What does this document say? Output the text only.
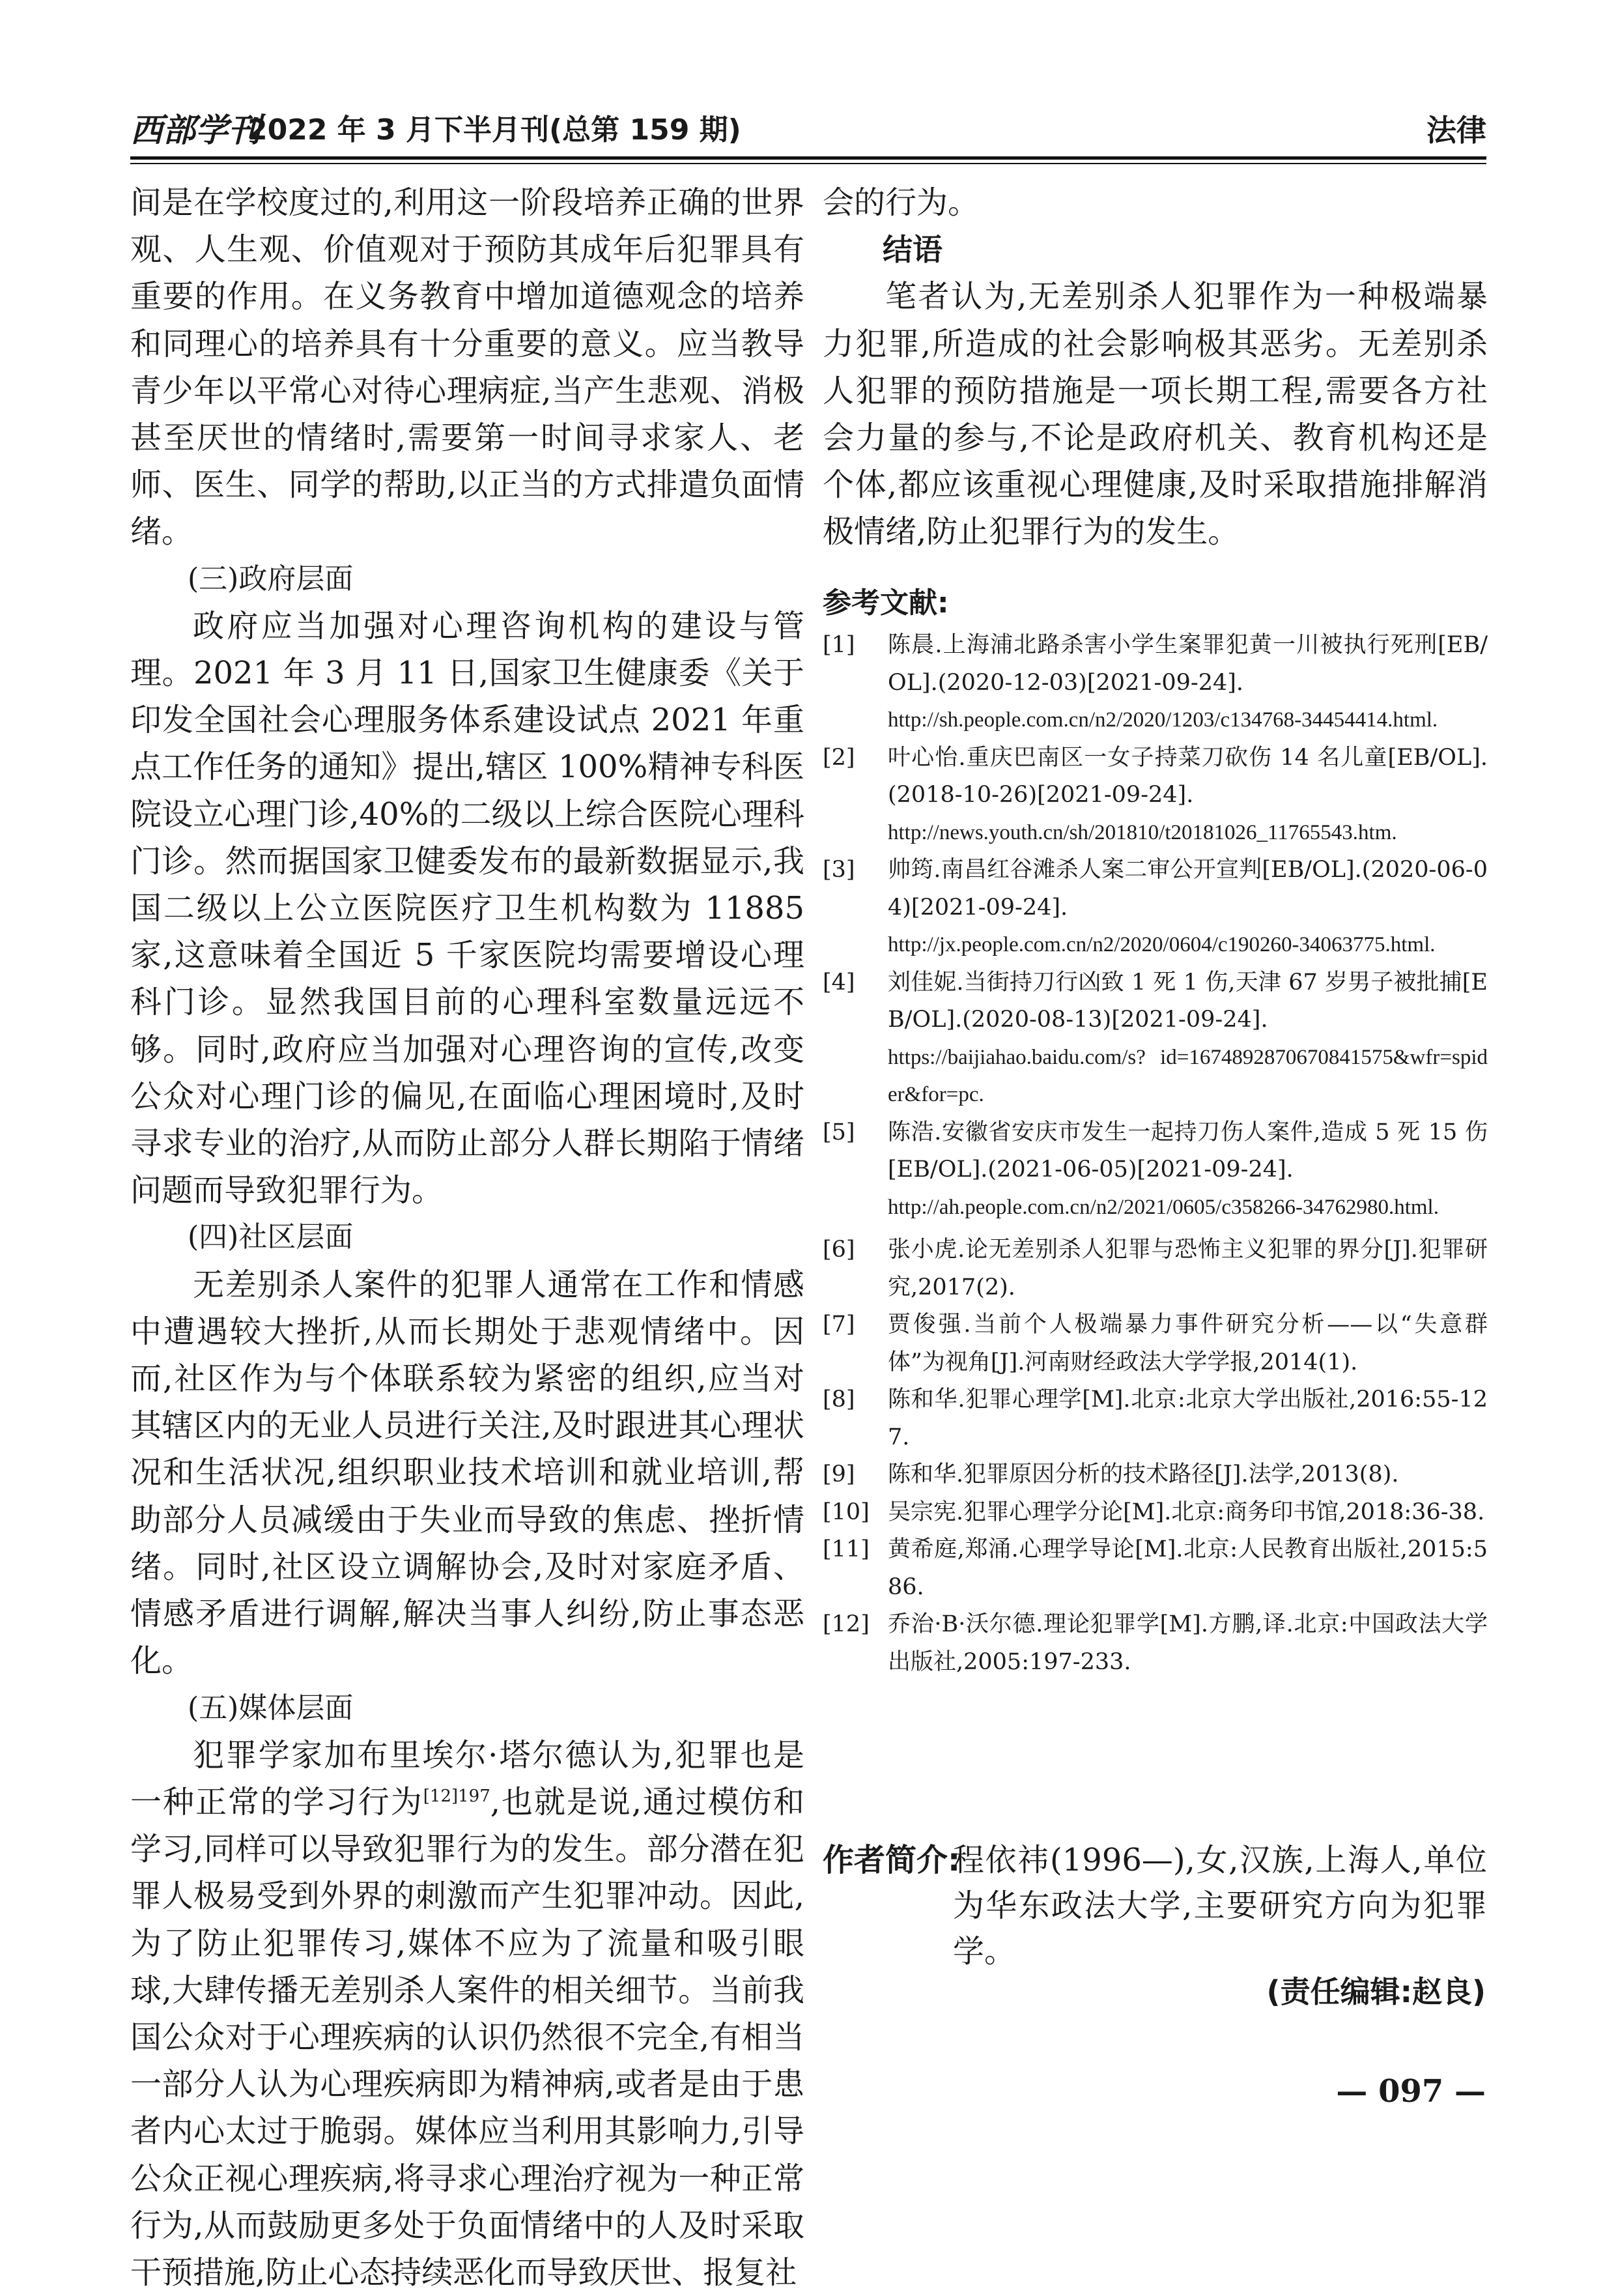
西部学刊
2022 年 3 月下半月刊(总第 159 期)	法律

间是在学校度过的,利用这一阶段培养正确的世界观、人生观、价值观对于预防其成年后犯罪具有重要的作用。在义务教育中增加道德观念的培养和同理心的培养具有十分重要的意义。应当教导青少年以平常心对待心理病症,当产生悲观、消极甚至厌世的情绪时,需要第一时间寻求家人、老师、医生、同学的帮助,以正当的方式排遣负面情绪。

(三)政府层面

政府应当加强对心理咨询机构的建设与管理。2021 年 3 月 11 日,国家卫生健康委《关于印发全国社会心理服务体系建设试点 2021 年重点工作任务的通知》提出,辖区 100%精神专科医院设立心理门诊,40%的二级以上综合医院心理科门诊。然而据国家卫健委发布的最新数据显示,我国二级以上公立医院医疗卫生机构数为 11885 家,这意味着全国近 5 千家医院均需要增设心理科门诊。显然我国目前的心理科室数量远远不够。同时,政府应当加强对心理咨询的宣传,改变公众对心理门诊的偏见,在面临心理困境时,及时寻求专业的治疗,从而防止部分人群长期陷于情绪问题而导致犯罪行为。

(四)社区层面

无差别杀人案件的犯罪人通常在工作和情感中遭遇较大挫折,从而长期处于悲观情绪中。因而,社区作为与个体联系较为紧密的组织,应当对其辖区内的无业人员进行关注,及时跟进其心理状况和生活状况,组织职业技术培训和就业培训,帮助部分人员减缓由于失业而导致的焦虑、挫折情绪。同时,社区设立调解协会,及时对家庭矛盾、情感矛盾进行调解,解决当事人纠纷,防止事态恶化。

(五)媒体层面

犯罪学家加布里埃尔·塔尔德认为,犯罪也是一种正常的学习行为$^{[12]197}$,也就是说,通过模仿和学习,同样可以导致犯罪行为的发生。部分潜在犯罪人极易受到外界的刺激而产生犯罪冲动。因此,为了防止犯罪传习,媒体不应为了流量和吸引眼球,大肆传播无差别杀人案件的相关细节。当前我国公众对于心理疾病的认识仍然很不完全,有相当一部分人认为心理疾病即为精神病,或者是由于患者内心太过于脆弱。媒体应当利用其影响力,引导公众正视心理疾病,将寻求心理治疗视为一种正常行为,从而鼓励更多处于负面情绪中的人及时采取干预措施,防止心态持续恶化而导致厌世、报复社

会的行为。

结语

笔者认为,无差别杀人犯罪作为一种极端暴力犯罪,所造成的社会影响极其恶劣。无差别杀人犯罪的预防措施是一项长期工程,需要各方社会力量的参与,不论是政府机关、教育机构还是个体,都应该重视心理健康,及时采取措施排解消极情绪,防止犯罪行为的发生。

参考文献:
[1] 陈晨.上海浦北路杀害小学生案罪犯黄一川被执行死刑[EB/OL].(2020-12-03)[2021-09-24].
http://sh.people.com.cn/n2/2020/1203/c134768-34454414.html.
[2] 叶心怡.重庆巴南区一女子持菜刀砍伤 14 名儿童[EB/OL].(2018-10-26)[2021-09-24].
http://news.youth.cn/sh/201810/t20181026_11765543.htm.
[3] 帅筠.南昌红谷滩杀人案二审公开宣判[EB/OL].(2020-06-04)[2021-09-24].
http://jx.people.com.cn/n2/2020/0604/c190260-34063775.html.
[4] 刘佳妮.当街持刀行凶致 1 死 1 伤,天津 67 岁男子被批捕[EB/OL].(2020-08-13)[2021-09-24].
https://baijiahao.baidu.com/s? id=1674892870670841575&wfr=spider&for=pc.
[5] 陈浩.安徽省安庆市发生一起持刀伤人案件,造成 5 死 15 伤[EB/OL].(2021-06-05)[2021-09-24].
http://ah.people.com.cn/n2/2021/0605/c358266-34762980.html.
[6] 张小虎.论无差别杀人犯罪与恐怖主义犯罪的界分[J].犯罪研究,2017(2).
[7] 贾俊强.当前个人极端暴力事件研究分析——以“失意群体”为视角[J].河南财经政法大学学报,2014(1).
[8] 陈和华.犯罪心理学[M].北京:北京大学出版社,2016:55-127.
[9] 陈和华.犯罪原因分析的技术路径[J].法学,2013(8).
[10] 吴宗宪.犯罪心理学分论[M].北京:商务印书馆,2018:36-38.
[11] 黄希庭,郑涌.心理学导论[M].北京:人民教育出版社,2015:586.
[12] 乔治·B·沃尔德.理论犯罪学[M].方鹏,译.北京:中国政法大学出版社,2005:197-233.
作者简介:
程依祎(1996—),女,汉族,上海人,单位为华东政法大学,主要研究方向为犯罪学。
(责任编辑:赵良)
— 097 —
